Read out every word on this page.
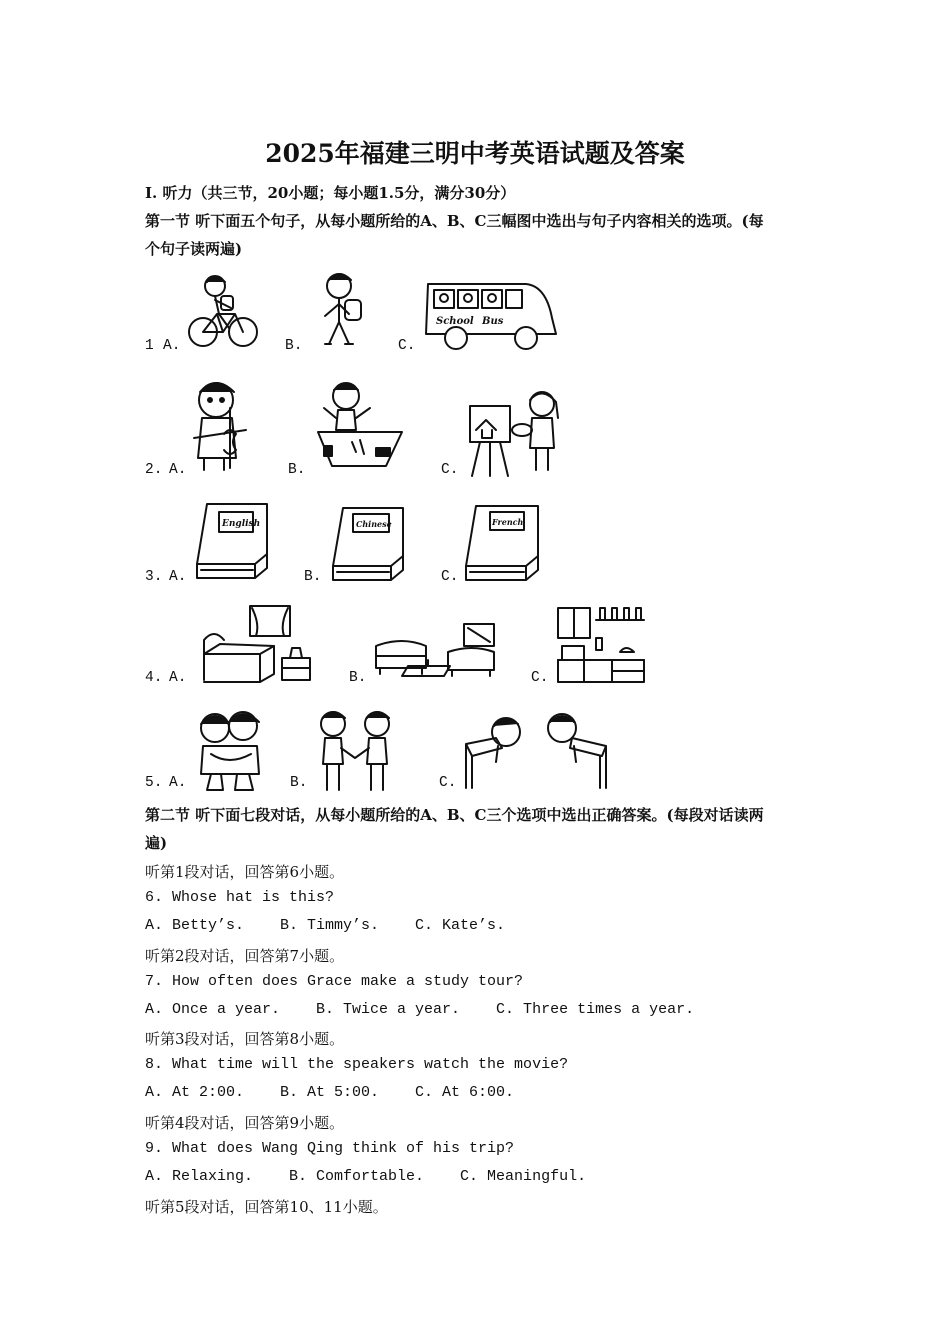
2025年福建三明中考英语试题及答案
Ⅰ. 听力（共三节，20小题；每小题1.5分，满分30分）
第一节 听下面五个句子，从每小题所给的A、B、C三幅图中选出与句子内容相关的选项。(每
个句子读两遍)
1 A.	B.	C.
School Bus
2. A.	B.	C.
3. A.	B.	C.
English	Chinese	French
4. A.	B.	C.
5. A.	B.	C.
第二节 听下面七段对话，从每小题所给的A、B、C三个选项中选出正确答案。(每段对话读两
遍)
听第1段对话，回答第6小题。
6. Whose hat is this?
A. Betty’s.    B. Timmy’s.    C. Kate’s.
听第2段对话，回答第7小题。
7. How often does Grace make a study tour?
A. Once a year.    B. Twice a year.    C. Three times a year.
听第3段对话，回答第8小题。
8. What time will the speakers watch the movie?
A. At 2:00.    B. At 5:00.    C. At 6:00.
听第4段对话，回答第9小题。
9. What does Wang Qing think of his trip?
A. Relaxing.    B. Comfortable.    C. Meaningful.
听第5段对话，回答第10、11小题。
